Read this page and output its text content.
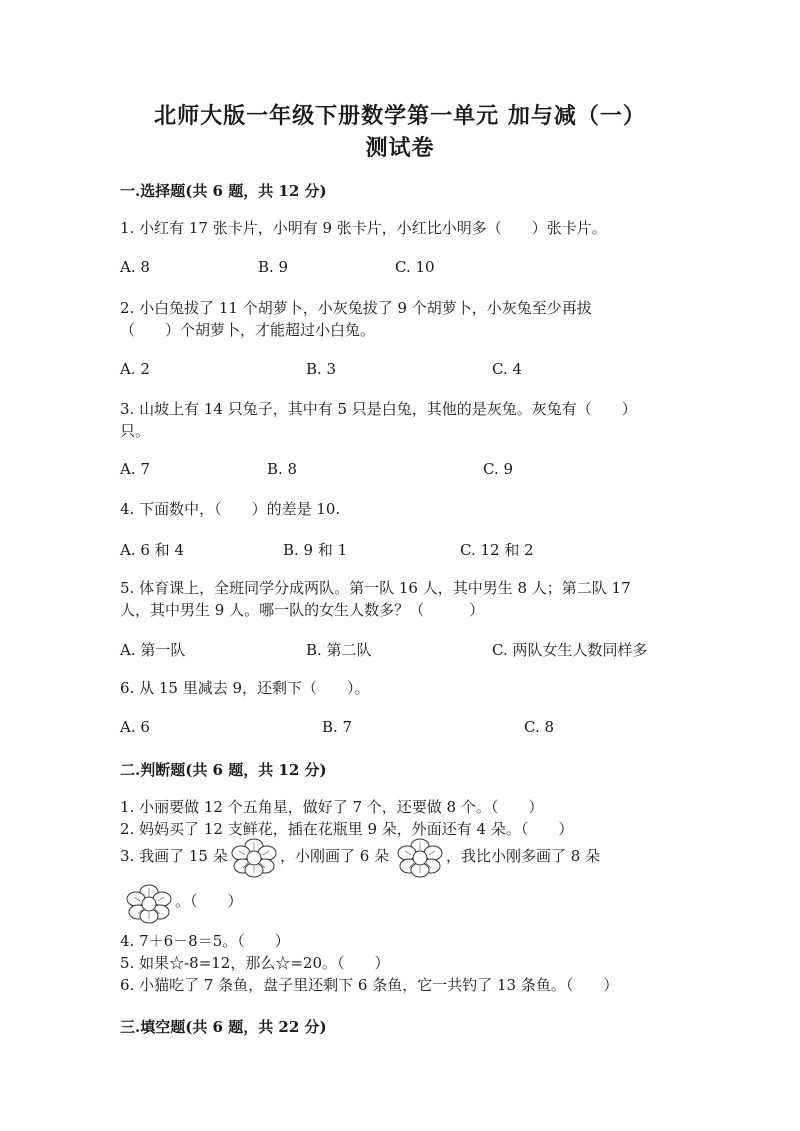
北师大版一年级下册数学第一单元 加与减（一）
测试卷
一.选择题(共 6 题，共 12 分)
1. 小红有 17 张卡片，小明有 9 张卡片，小红比小明多（　　）张卡片。
A. 8	B. 9	C. 10
2. 小白兔拔了 11 个胡萝卜，小灰兔拔了 9 个胡萝卜，小灰兔至少再拔
（　　）个胡萝卜，才能超过小白兔。
A. 2	B. 3	C. 4
3. 山坡上有 14 只兔子，其中有 5 只是白兔，其他的是灰兔。灰兔有（　　）
只。
A. 7	B. 8	C. 9
4. 下面数中，（　　）的差是 10.
A. 6 和 4	B. 9 和 1	C. 12 和 2
5. 体育课上，全班同学分成两队。第一队 16 人，其中男生 8 人；第二队 17
人，其中男生 9 人。哪一队的女生人数多？（　　　）
A. 第一队	B. 第二队	C. 两队女生人数同样多
6. 从 15 里减去 9，还剩下（　　）。
A. 6	B. 7	C. 8
二.判断题(共 6 题，共 12 分)
1. 小丽要做 12 个五角星，做好了 7 个，还要做 8 个。（　　）
2. 妈妈买了 12 支鲜花，插在花瓶里 9 朵，外面还有 4 朵。（　　）
3. 我画了 15 朵	，小刚画了 6 朵	，我比小刚多画了 8 朵
。（　　）
4. 7＋6－8＝5。（　　）
5. 如果☆-8=12，那么☆=20。（　　）
6. 小猫吃了 7 条鱼，盘子里还剩下 6 条鱼，它一共钓了 13 条鱼。（　　）
三.填空题(共 6 题，共 22 分)
